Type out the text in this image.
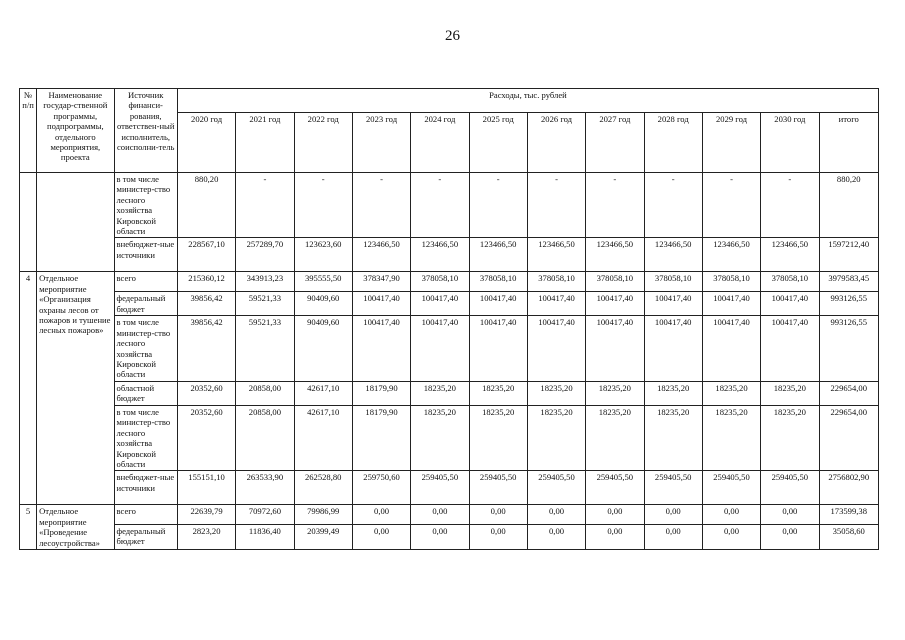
26
№ п/п	Наименование государ-ственной программы, подпрограммы, отдельного мероприятия, проекта	Источник финанси-рования, ответствен-ный исполнитель, соисполни-тель	Расходы, тыс. рублей											
			2020 год	2021 год	2022 год	2023 год	2024 год	2025 год	2026 год	2027 год	2028 год	2029 год	2030 год	итого
		в том числе министер-ство лесного хозяйства Кировской области	880,20	-	-	-	-	-	-	-	-	-	-	880,20
		внебюджет-ные источники	228567,10	257289,70	123623,60	123466,50	123466,50	123466,50	123466,50	123466,50	123466,50	123466,50	123466,50	1597212,40
4	Отдельное мероприятие «Организация охраны лесов от пожаров и тушение лесных пожаров»	всего	215360,12	343913,23	395555,50	378347,90	378058,10	378058,10	378058,10	378058,10	378058,10	378058,10	378058,10	3979583,45
		федеральный бюджет	39856,42	59521,33	90409,60	100417,40	100417,40	100417,40	100417,40	100417,40	100417,40	100417,40	100417,40	993126,55
		в том числе министер-ство лесного хозяйства Кировской области	39856,42	59521,33	90409,60	100417,40	100417,40	100417,40	100417,40	100417,40	100417,40	100417,40	100417,40	993126,55
		областной бюджет	20352,60	20858,00	42617,10	18179,90	18235,20	18235,20	18235,20	18235,20	18235,20	18235,20	18235,20	229654,00
		в том числе министер-ство лесного хозяйства Кировской области	20352,60	20858,00	42617,10	18179,90	18235,20	18235,20	18235,20	18235,20	18235,20	18235,20	18235,20	229654,00
		внебюджет-ные источники	155151,10	263533,90	262528,80	259750,60	259405,50	259405,50	259405,50	259405,50	259405,50	259405,50	259405,50	2756802,90
5	Отдельное мероприятие «Проведение лесоустройства»	всего	22639,79	70972,60	79986,99	0,00	0,00	0,00	0,00	0,00	0,00	0,00	0,00	173599,38
		федеральный бюджет	2823,20	11836,40	20399,49	0,00	0,00	0,00	0,00	0,00	0,00	0,00	0,00	35058,60
